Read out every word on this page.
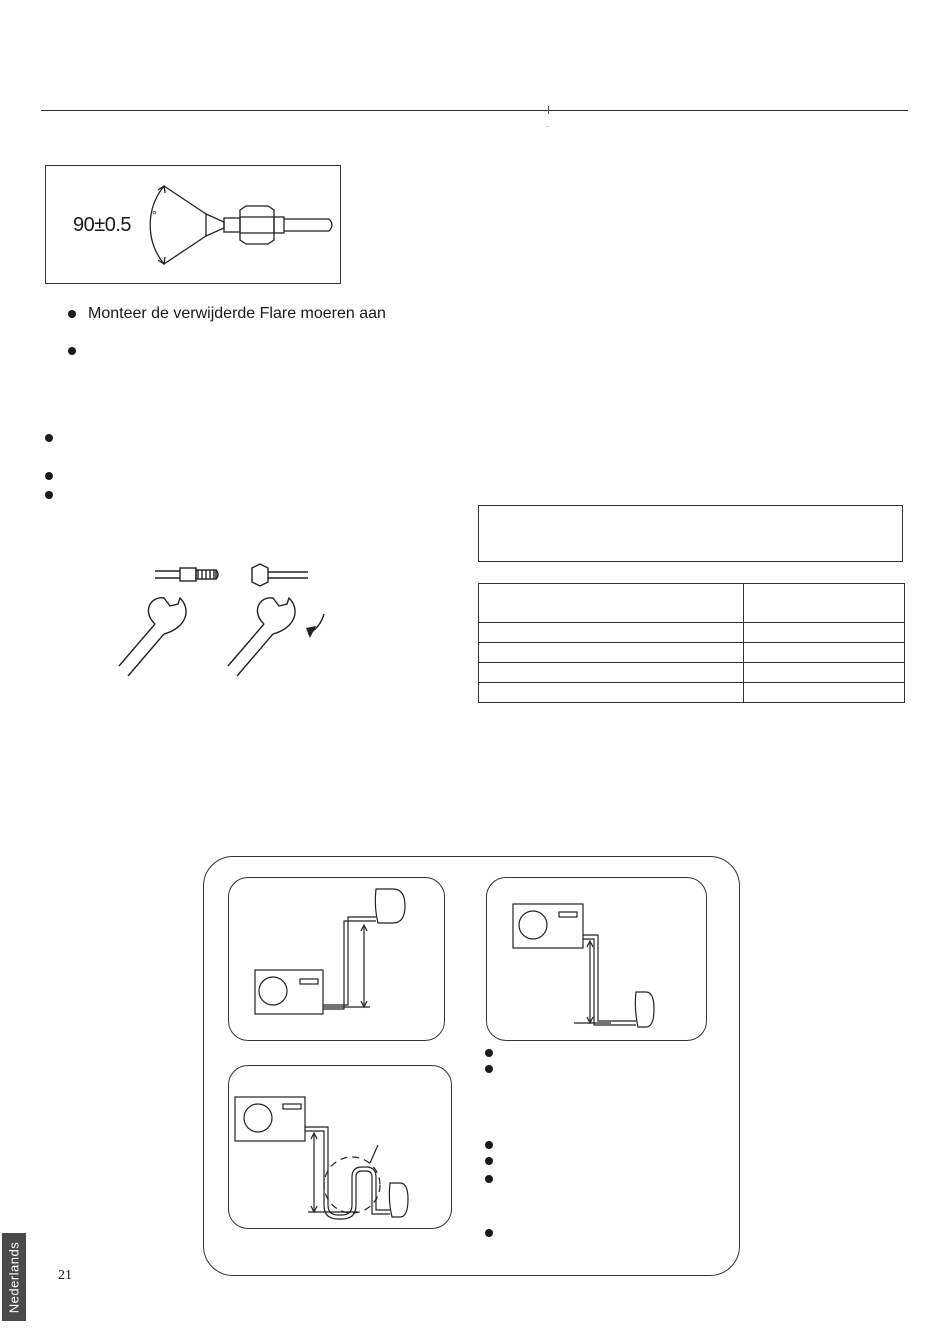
.
90±0.5 °
Monteer de verwijderde Flare moeren aan

Nederlands	21
